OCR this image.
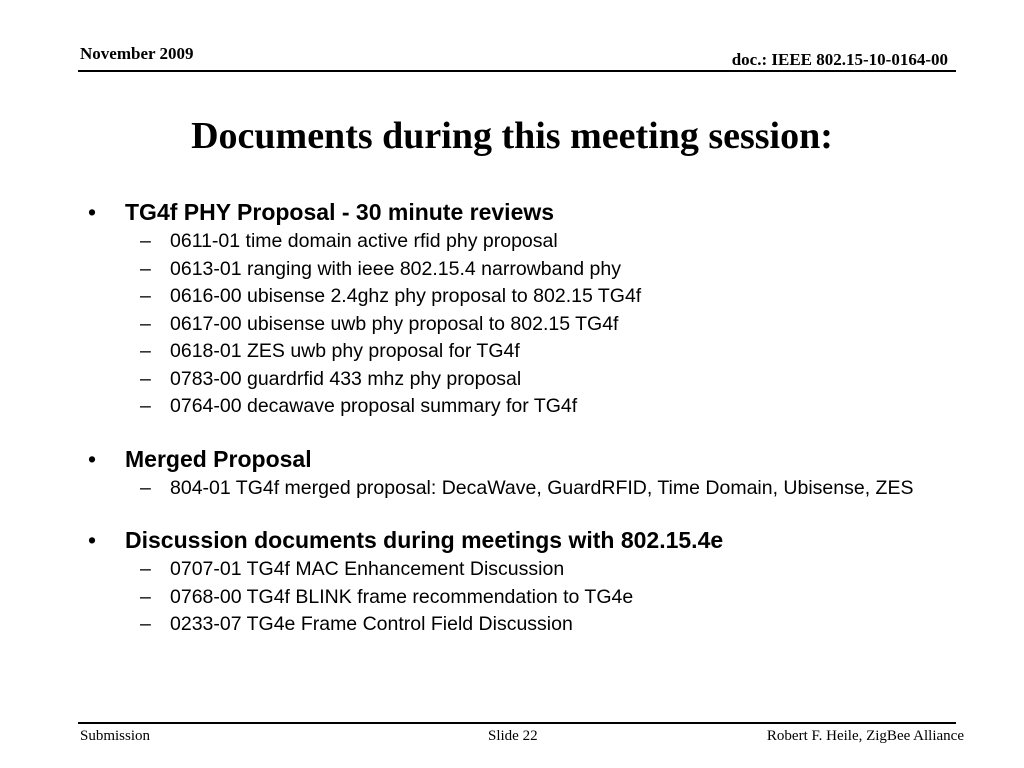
November 2009	doc.: IEEE 802.15-10-0164-00
Documents during this meeting session:
•	TG4f PHY Proposal - 30 minute reviews
– 0611-01 time domain active rfid phy proposal
– 0613-01 ranging with ieee 802.15.4 narrowband phy
– 0616-00 ubisense 2.4ghz phy proposal to 802.15 TG4f
– 0617-00 ubisense uwb phy proposal to 802.15 TG4f
– 0618-01 ZES uwb phy proposal for TG4f
– 0783-00 guardrfid 433 mhz phy proposal
– 0764-00 decawave proposal summary for TG4f
•	Merged Proposal
– 804-01 TG4f merged proposal: DecaWave, GuardRFID, Time Domain, Ubisense, ZES
•	Discussion documents during meetings with 802.15.4e
– 0707-01 TG4f MAC Enhancement Discussion
– 0768-00 TG4f BLINK frame recommendation to TG4e
– 0233-07 TG4e Frame Control Field Discussion
Submission	Slide 22	Robert F. Heile, ZigBee Alliance
